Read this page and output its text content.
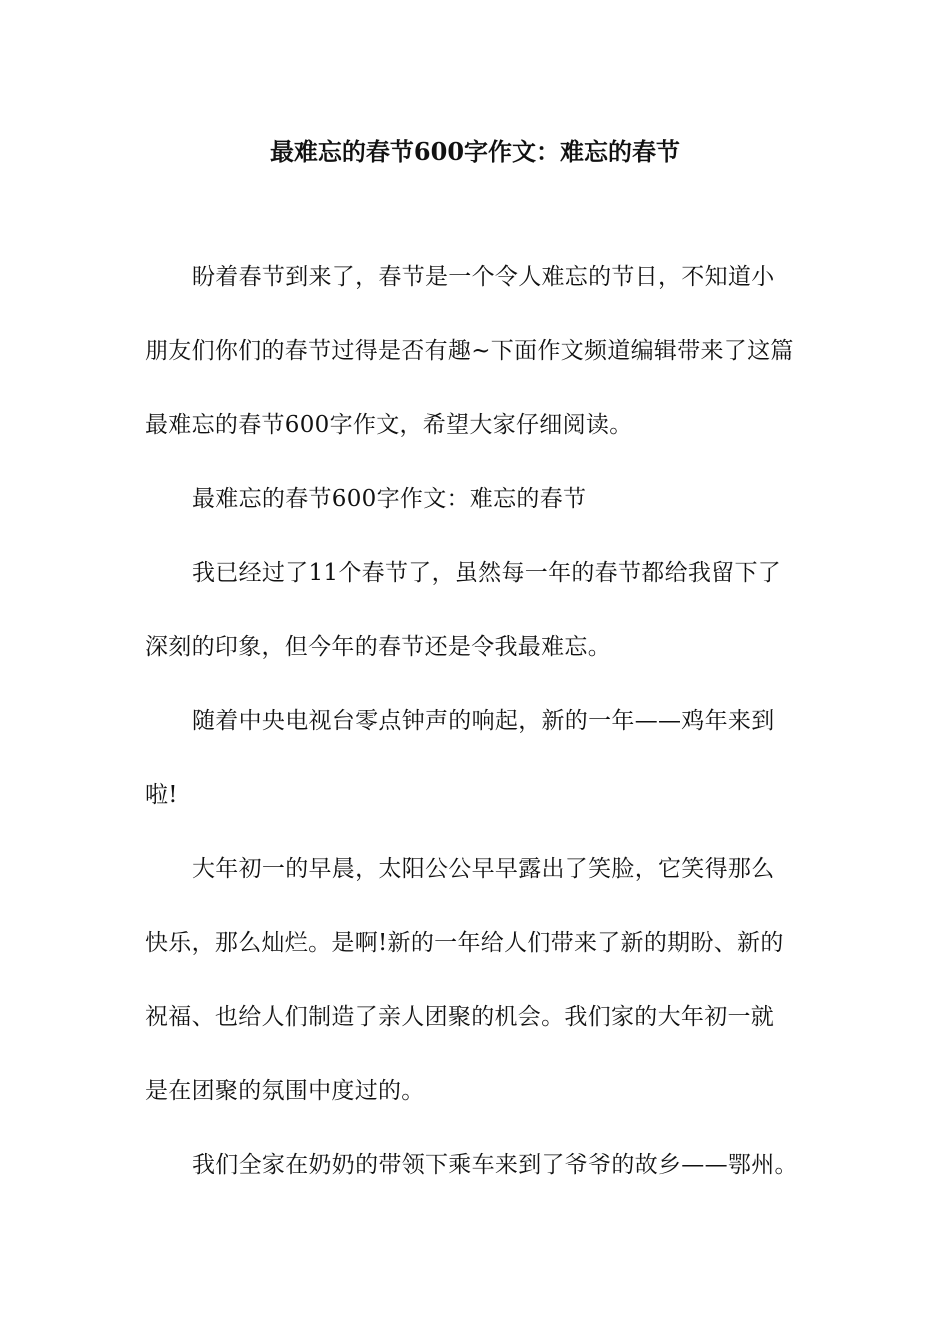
最难忘的春节600字作文：难忘的春节
盼着春节到来了，春节是一个令人难忘的节日，不知道小
朋友们你们的春节过得是否有趣~下面作文频道编辑带来了这篇
最难忘的春节600字作文，希望大家仔细阅读。
最难忘的春节600字作文：难忘的春节
我已经过了11个春节了，虽然每一年的春节都给我留下了
深刻的印象，但今年的春节还是令我最难忘。
随着中央电视台零点钟声的响起，新的一年——鸡年来到
啦!
大年初一的早晨，太阳公公早早露出了笑脸，它笑得那么
快乐，那么灿烂。是啊!新的一年给人们带来了新的期盼、新的
祝福、也给人们制造了亲人团聚的机会。我们家的大年初一就
是在团聚的氛围中度过的。
我们全家在奶奶的带领下乘车来到了爷爷的故乡——鄂州。
